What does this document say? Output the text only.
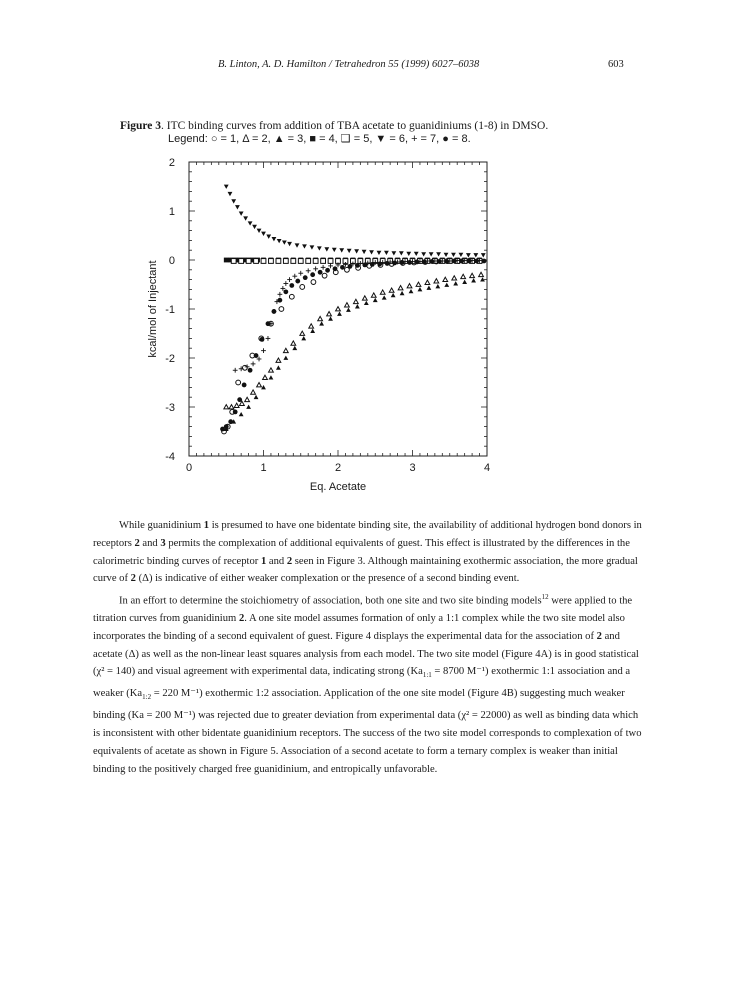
B. Linton, A. D. Hamilton / Tetrahedron 55 (1999) 6027–6038	603
Figure 3. ITC binding curves from addition of TBA acetate to guanidiniums (1-8) in DMSO.
Legend: ○ = 1, Δ = 2, ▲ = 3, ■ = 4, ❑ = 5, ▼ = 6, + = 7, ● = 8.
0	1	2	3	4
2
1
0
-1
-2
-3
-4
Eq. Acetate
kcal/mol of Injectant

While guanidinium 1 is presumed to have one bidentate binding site, the availability of additional hydrogen bond donors in receptors 2 and 3 permits the complexation of additional equivalents of guest. This effect is illustrated by the differences in the calorimetric binding curves of receptor 1 and 2 seen in Figure 3. Although maintaining exothermic association, the more gradual curve of 2 (Δ) is indicative of either weaker complexation or the presence of a second binding event.

In an effort to determine the stoichiometry of association, both one site and two site binding models$^{12}$ were applied to the titration curves from guanidinium 2. A one site model assumes formation of only a 1:1 complex while the two site model also incorporates the binding of a second equivalent of guest. Figure 4 displays the experimental data for the association of 2 and acetate (Δ) as well as the non-linear least squares analysis from each model. The two site model (Figure 4A) is in good statistical (χ² = 140) and visual agreement with experimental data, indicating strong ($Ka_{1:1} = 8700$ M⁻¹) exothermic 1:1 association and a weaker ($Ka_{1:2} = 220$ M⁻¹) exothermic 1:2 association. Application of the one site model (Figure 4B) suggesting much weaker binding (Ka = 200 M⁻¹) was rejected due to greater deviation from experimental data (χ² = 22000) as well as binding data which is inconsistent with other bidentate guanidinium receptors. The success of the two site model corresponds to complexation of two equivalents of acetate as shown in Figure 5. Association of a second acetate to form a ternary complex is weaker than initial binding to the positively charged free guanidinium, and entropically unfavorable.
